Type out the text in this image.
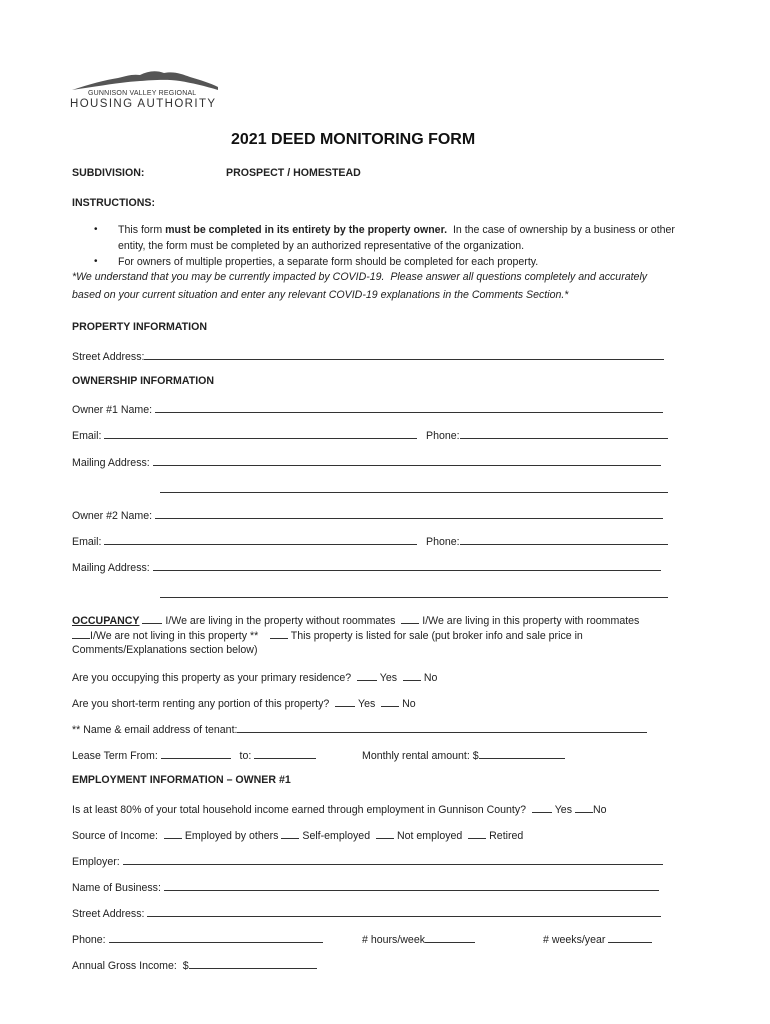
GUNNISON VALLEY REGIONAL
HOUSING AUTHORITY
2021 DEED MONITORING FORM
SUBDIVISION:	PROSPECT / HOMESTEAD
INSTRUCTIONS:
• This form must be completed in its entirety by the property owner.  In the case of ownership by a business or other
entity, the form must be completed by an authorized representative of the organization.
• For owners of multiple properties, a separate form should be completed for each property.
*We understand that you may be currently impacted by COVID-19.  Please answer all questions completely and accurately
based on your current situation and enter any relevant COVID-19 explanations in the Comments Section.*
PROPERTY INFORMATION
Street Address:
OWNERSHIP INFORMATION
Owner #1 Name:
Email:	Phone:
Mailing Address:
Owner #2 Name:
Email:	Phone:
Mailing Address:
OCCUPANCY I/We are living in the property without roommates	I/We are living in this property with roommates
I/We are not living in this property **	This property is listed for sale (put broker info and sale price in
Comments/Explanations section below)
Are you occupying this property as your primary residence?	Yes	No
Are you short-term renting any portion of this property?	Yes	No
** Name & email address of tenant:
Lease Term From:	to:	Monthly rental amount: $
EMPLOYMENT INFORMATION – OWNER #1
Is at least 80% of your total household income earned through employment in Gunnison County?	Yes No
Source of Income:	Employed by others Self-employed	Not employed	Retired
Employer:
Name of Business:
Street Address:
Phone:	# hours/week	# weeks/year
Annual Gross Income:  $
